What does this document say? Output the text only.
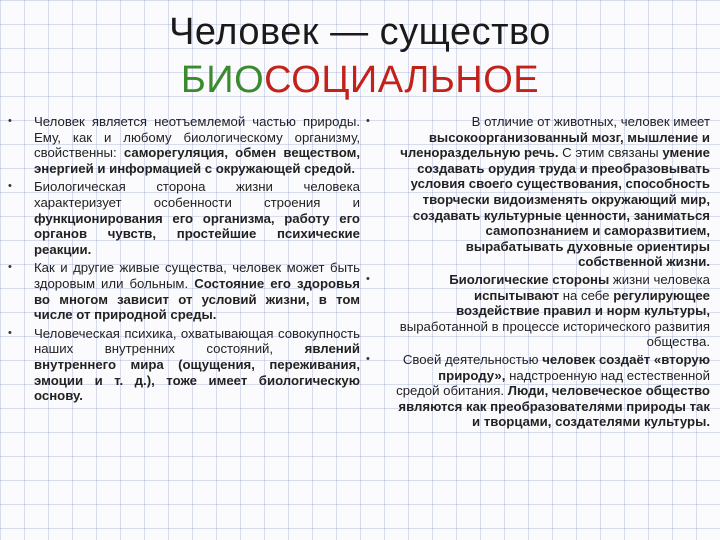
Человек — существо
БИОСОЦИАЛЬНОЕ
• Человек является неотъемлемой частью природы. Ему, как и любому биологическому организму, свойственны: саморегуляция, обмен веществом, энергией и информацией с окружающей средой.
• Биологическая сторона жизни человека характеризует особенности строения и функционирования его организма, работу его органов чувств, простейшие психические реакции.
• Как и другие живые существа, человек может быть здоровым или больным. Состояние его здоровья во многом зависит от условий жизни, в том числе от природной среды.
• Человеческая психика, охватывающая совокупность наших внутренних состояний, явлений внутреннего мира (ощущения, переживания, эмоции и т. д.), тоже имеет биологическую основу.
•	В отличие от животных, человек имеет высокоорганизованный мозг, мышление и членораздельную речь. С этим связаны умение создавать орудия труда и преобразовывать условия своего существования, способность творчески видоизменять окружающий мир, создавать культурные ценности, заниматься самопознанием и саморазвитием, вырабатывать духовные ориентиры собственной жизни.
•	Биологические стороны жизни человека испытывают на себе регулирующее воздействие правил и норм культуры, выработанной в процессе исторического развития общества.
•	Своей деятельностью человек создаёт «вторую природу», надстроенную над естественной средой обитания. Люди, человеческое общество являются как преобразователями природы так и творцами, создателями культуры.
